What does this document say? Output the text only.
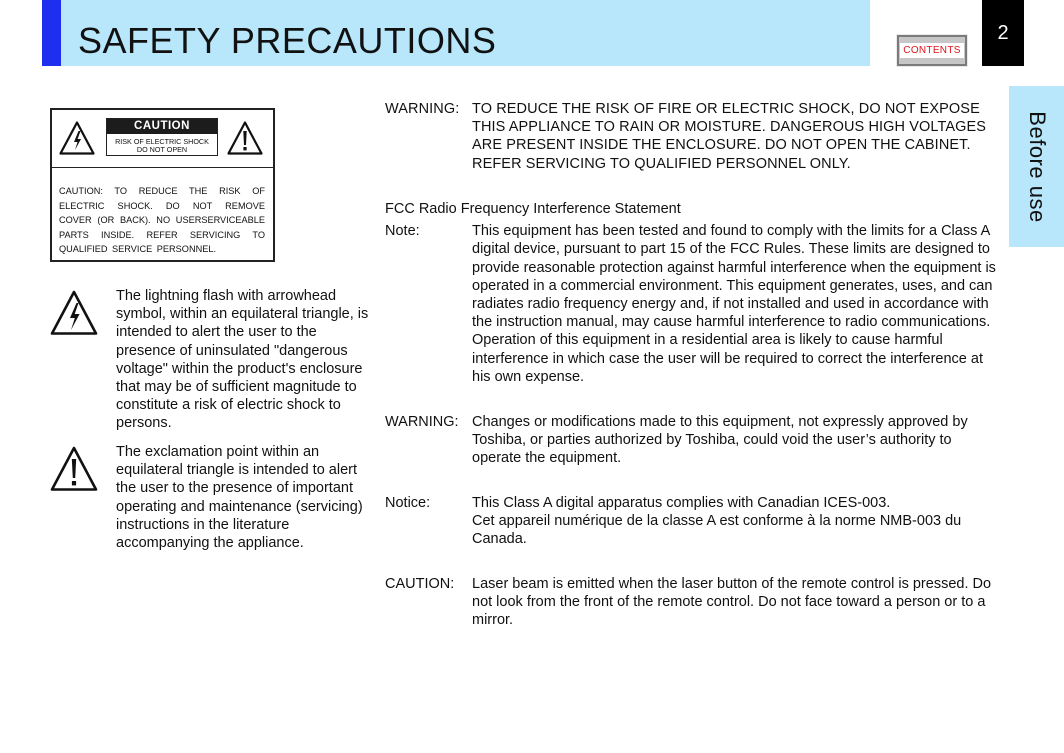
SAFETY PRECAUTIONS	CONTENTS
2
Before use
CAUTION
RISK OF ELECTRIC SHOCK
DO NOT OPEN
CAUTION: TO REDUCE THE RISK OF ELECTRIC SHOCK. DO NOT REMOVE COVER (OR BACK). NO USERSERVICEABLE PARTS INSIDE. REFER SERVICING TO QUALIFIED SERVICE PERSONNEL.
The lightning flash with arrowhead symbol, within an equilateral triangle, is intended to alert the user to the presence of uninsulated "dangerous voltage" within the product's enclosure that may be of sufficient magnitude to constitute a risk of electric shock to persons.
The exclamation point within an equilateral triangle is intended to alert the user to the presence of important operating and maintenance (servicing) instructions in the literature accompanying the appliance.
WARNING: TO REDUCE THE RISK OF FIRE OR ELECTRIC SHOCK, DO NOT EXPOSE THIS APPLIANCE TO RAIN OR MOISTURE. DANGEROUS HIGH VOLTAGES ARE PRESENT INSIDE THE ENCLOSURE. DO NOT OPEN THE CABINET. REFER SERVICING TO QUALIFIED PERSONNEL ONLY.
FCC Radio Frequency Interference Statement
Note:	This equipment has been tested and found to comply with the limits for a Class A digital device, pursuant to part 15 of the FCC Rules. These limits are designed to provide reasonable protection against harmful interference when the equipment is operated in a commercial environment. This equipment generates, uses, and can radiates radio frequency energy and, if not installed and used in accordance with the instruction manual, may cause harmful interference to radio communications. Operation of this equipment in a residential area is likely to cause harmful interference in which case the user will be required to correct the interference at his own expense.
WARNING: Changes or modifications made to this equipment, not expressly approved by Toshiba, or parties authorized by Toshiba, could void the user’s authority to operate the equipment.
Notice:	This Class A digital apparatus complies with Canadian ICES-003.
Cet appareil numérique de la classe A est conforme à la norme NMB-003 du Canada.
CAUTION: Laser beam is emitted when the laser button of the remote control is pressed. Do not look from the front of the remote control. Do not face toward a person or to a mirror.
